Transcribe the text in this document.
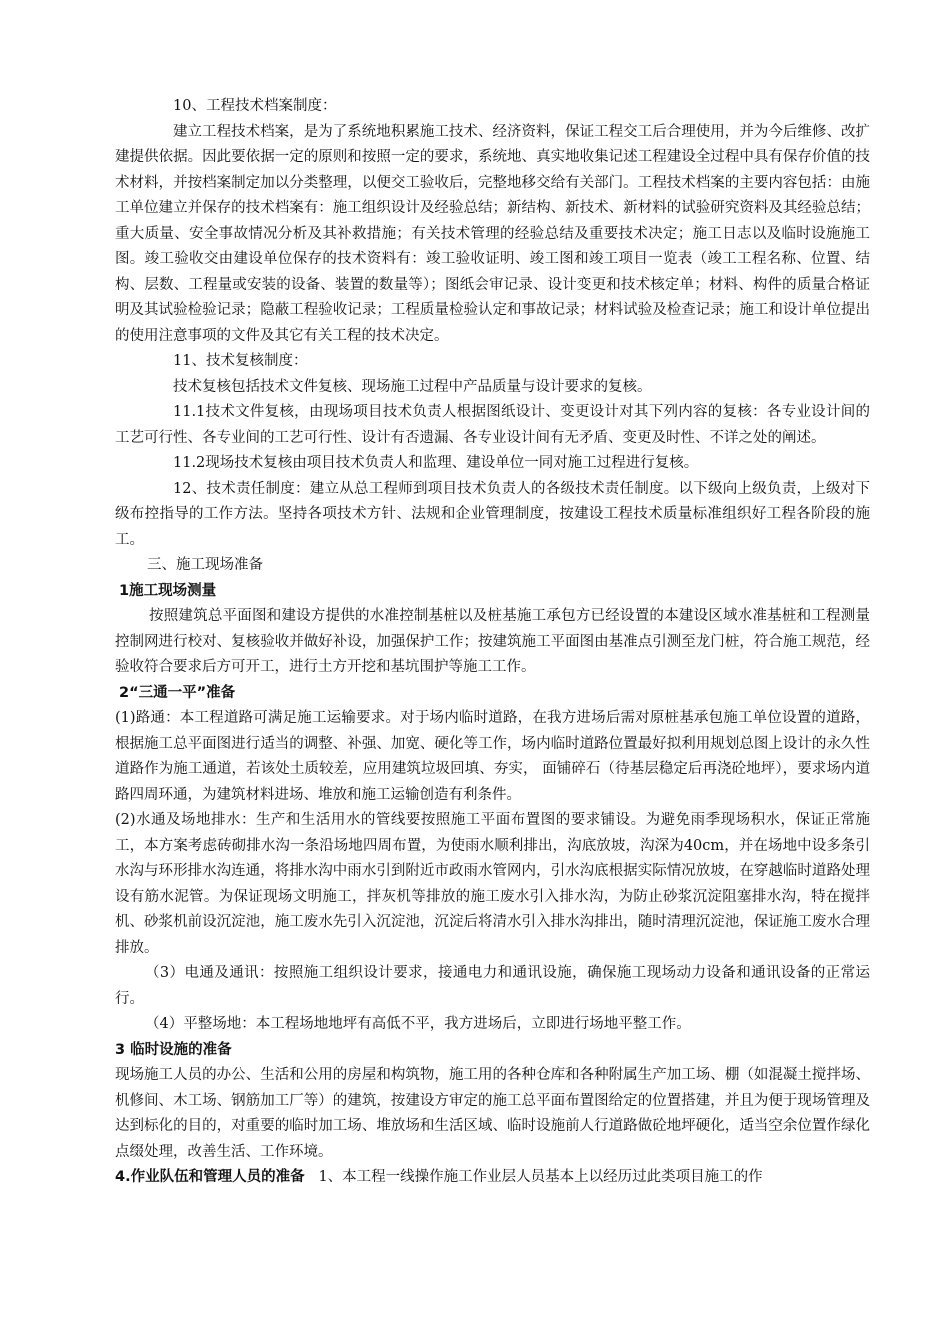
10、工程技术档案制度：

建立工程技术档案，是为了系统地积累施工技术、经济资料，保证工程交工后合理使用，并为今后维修、改扩建提供依据。因此要依据一定的原则和按照一定的要求，系统地、真实地收集记述工程建设全过程中具有保存价值的技术材料，并按档案制定加以分类整理，以便交工验收后，完整地移交给有关部门。工程技术档案的主要内容包括：由施工单位建立并保存的技术档案有：施工组织设计及经验总结；新结构、新技术、新材料的试验研究资料及其经验总结；重大质量、安全事故情况分析及其补救措施；有关技术管理的经验总结及重要技术决定；施工日志以及临时设施施工图。竣工验收交由建设单位保存的技术资料有：竣工验收证明、竣工图和竣工项目一览表（竣工工程名称、位置、结构、层数、工程量或安装的设备、装置的数量等）；图纸会审记录、设计变更和技术核定单；材料、构件的质量合格证明及其试验检验记录；隐蔽工程验收记录；工程质量检验认定和事故记录；材料试验及检查记录；施工和设计单位提出的使用注意事项的文件及其它有关工程的技术决定。

11、技术复核制度：

技术复核包括技术文件复核、现场施工过程中产品质量与设计要求的复核。

11.1技术文件复核，由现场项目技术负责人根据图纸设计、变更设计对其下列内容的复核：各专业设计间的工艺可行性、各专业间的工艺可行性、设计有否遗漏、各专业设计间有无矛盾、变更及时性、不详之处的阐述。

11.2现场技术复核由项目技术负责人和监理、建设单位一同对施工过程进行复核。

12、技术责任制度：建立从总工程师到项目技术负责人的各级技术责任制度。以下级向上级负责，上级对下级布控指导的工作方法。坚持各项技术方针、法规和企业管理制度，按建设工程技术质量标准组织好工程各阶段的施工。

三、施工现场准备

1施工现场测量

按照建筑总平面图和建设方提供的水准控制基桩以及桩基施工承包方已经设置的本建设区域水准基桩和工程测量控制网进行校对、复核验收并做好补设，加强保护工作；按建筑施工平面图由基准点引测至龙门桩，符合施工规范，经验收符合要求后方可开工，进行土方开挖和基坑围护等施工工作。

2“三通一平”准备

(1)路通：本工程道路可满足施工运输要求。对于场内临时道路，在我方进场后需对原桩基承包施工单位设置的道路，根据施工总平面图进行适当的调整、补强、加宽、硬化等工作，场内临时道路位置最好拟利用规划总图上设计的永久性道路作为施工通道，若该处土质较差，应用建筑垃圾回填、夯实， 面铺碎石（待基层稳定后再浇砼地坪），要求场内道路四周环通，为建筑材料进场、堆放和施工运输创造有利条件。

(2)水通及场地排水：生产和生活用水的管线要按照施工平面布置图的要求铺设。为避免雨季现场积水，保证正常施工，本方案考虑砖砌排水沟一条沿场地四周布置，为使雨水顺利排出，沟底放坡，沟深为40cm，并在场地中设多条引水沟与环形排水沟连通，将排水沟中雨水引到附近市政雨水管网内，引水沟底根据实际情况放坡，在穿越临时道路处理设有筋水泥管。为保证现场文明施工，拌灰机等排放的施工废水引入排水沟，为防止砂浆沉淀阻塞排水沟，特在搅拌机、砂浆机前设沉淀池，施工废水先引入沉淀池，沉淀后将清水引入排水沟排出，随时清理沉淀池，保证施工废水合理排放。

（3）电通及通讯：按照施工组织设计要求，接通电力和通讯设施，确保施工现场动力设备和通讯设备的正常运行。

（4）平整场地：本工程场地地坪有高低不平，我方进场后，立即进行场地平整工作。

3 临时设施的准备

现场施工人员的办公、生活和公用的房屋和构筑物，施工用的各种仓库和各种附属生产加工场、棚（如混凝土搅拌场、机修间、木工场、钢筋加工厂等）的建筑，按建设方审定的施工总平面布置图给定的位置搭建，并且为便于现场管理及达到标化的目的，对重要的临时加工场、堆放场和生活区域、临时设施前人行道路做砼地坪硬化，适当空余位置作绿化点缀处理，改善生活、工作环境。

4.作业队伍和管理人员的准备 1、本工程一线操作施工作业层人员基本上以经历过此类项目施工的作
